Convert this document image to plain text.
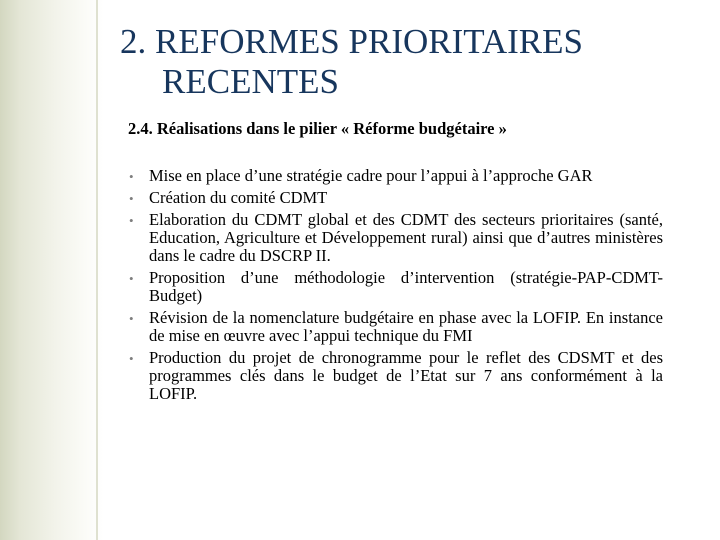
2. REFORMES PRIORITAIRES
RECENTES

2.4. Réalisations dans le pilier « Réforme budgétaire »

• Mise en place d’une stratégie cadre pour l’appui à l’approche GAR
• Création du comité CDMT
• Elaboration du CDMT global et des CDMT des secteurs prioritaires (santé, Education, Agriculture et Développement rural) ainsi que d’autres ministères dans le cadre du DSCRP II.
• Proposition d’une méthodologie d’intervention (stratégie-PAP-CDMT-Budget)
• Révision de la nomenclature budgétaire en phase avec la LOFIP. En instance de mise en œuvre avec l’appui technique du FMI
• Production du projet de chronogramme pour le reflet des CDSMT et des programmes clés dans le budget de l’Etat sur 7 ans conformément à la LOFIP.
